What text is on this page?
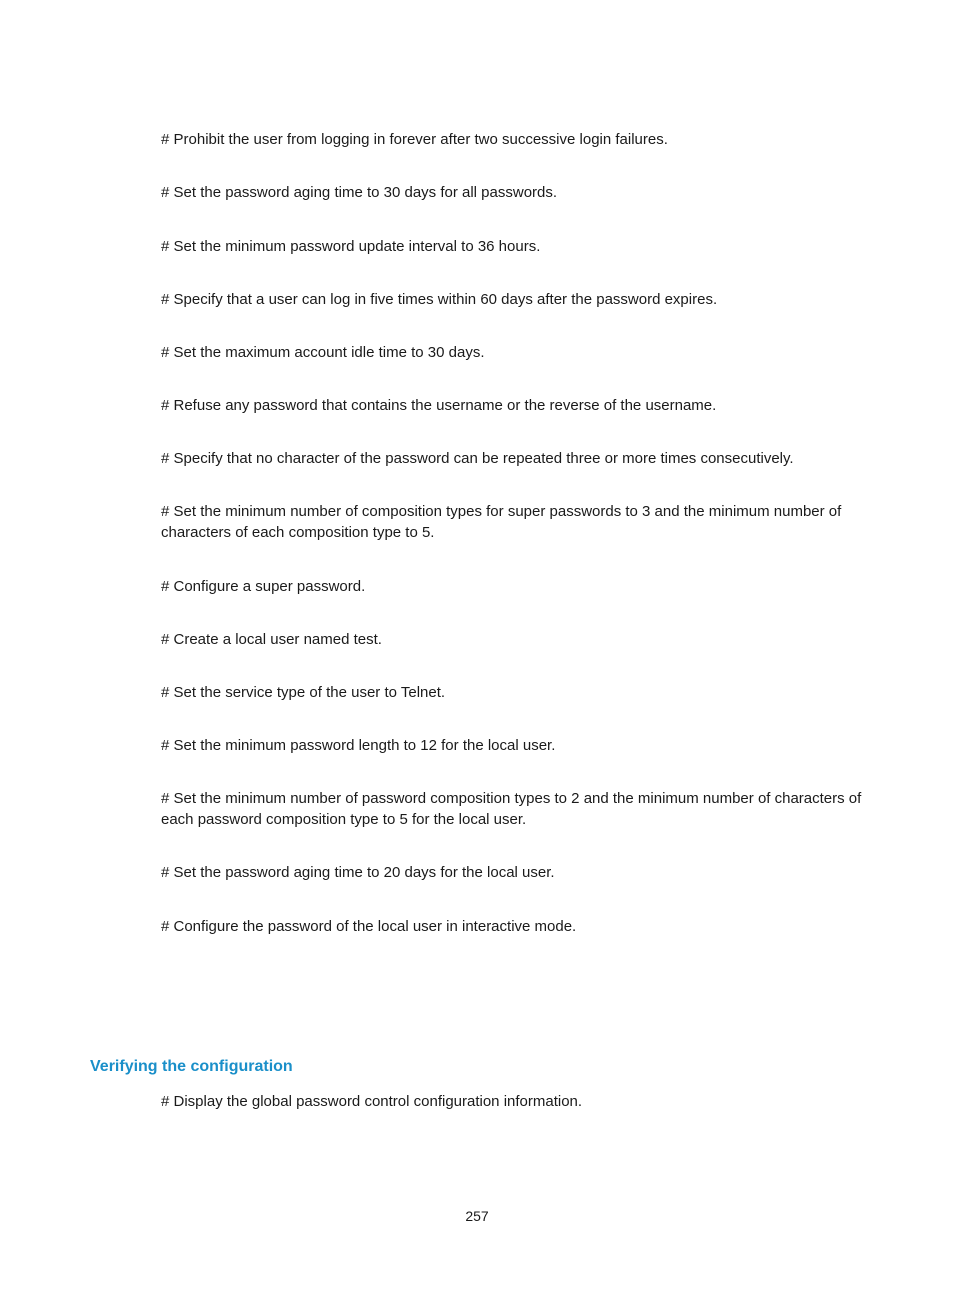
# Prohibit the user from logging in forever after two successive login failures.

# Set the password aging time to 30 days for all passwords.

# Set the minimum password update interval to 36 hours.

# Specify that a user can log in five times within 60 days after the password expires.

# Set the maximum account idle time to 30 days.

# Refuse any password that contains the username or the reverse of the username.

# Specify that no character of the password can be repeated three or more times consecutively.

# Set the minimum number of composition types for super passwords to 3 and the minimum number of characters of each composition type to 5.

# Configure a super password.

# Create a local user named test.

# Set the service type of the user to Telnet.

# Set the minimum password length to 12 for the local user.

# Set the minimum number of password composition types to 2 and the minimum number of characters of each password composition type to 5 for the local user.

# Set the password aging time to 20 days for the local user.

# Configure the password of the local user in interactive mode.

Verifying the configuration

# Display the global password control configuration information.

257
